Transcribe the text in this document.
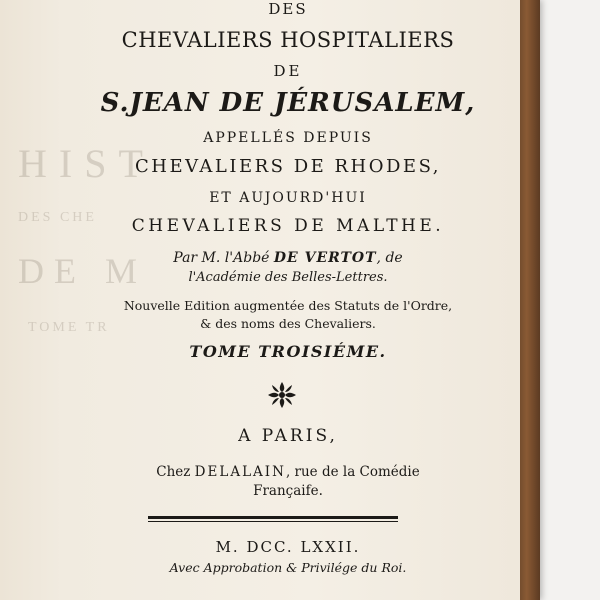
HIST
DES CHE
DE M
TOME TR
DES
CHEVALIERS HOSPITALIERS
DE
S.JEAN DE JÉRUSALEM,
APPELLÉS DEPUIS
CHEVALIERS DE RHODES,
ET AUJOURD'HUI
CHEVALIERS DE MALTHE.
Par M. l'Abbé DE VERTOT, de
l'Académie des Belles-Lettres.
Nouvelle Edition augmentée des Statuts de l'Ordre,
& des noms des Chevaliers.
TOME TROISIÉME.
A PARIS,
Chez DELALAIN, rue de la Comédie
Françaife.
M. DCC. LXXII.
Avec Approbation & Privilége du Roi.
